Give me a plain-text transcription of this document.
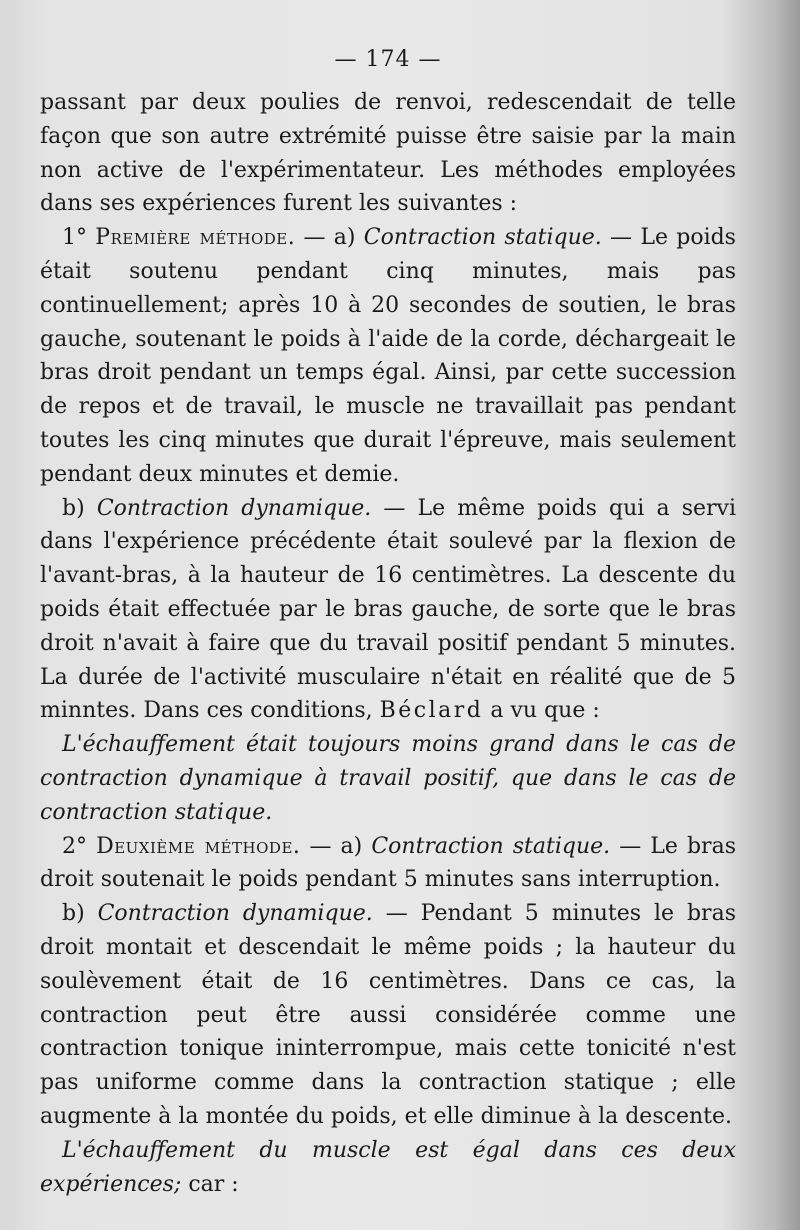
— 174 —

passant par deux poulies de renvoi, redescendait de telle façon que son autre extrémité puisse être saisie par la main non active de l'expérimentateur. Les méthodes employées dans ses expériences furent les suivantes :

1° Première méthode. — a) Contraction statique. — Le poids était soutenu pendant cinq minutes, mais pas continuellement; après 10 à 20 secondes de soutien, le bras gauche, soutenant le poids à l'aide de la corde, déchargeait le bras droit pendant un temps égal. Ainsi, par cette succession de repos et de travail, le muscle ne travaillait pas pendant toutes les cinq minutes que durait l'épreuve, mais seulement pendant deux minutes et demie.

b) Contraction dynamique. — Le même poids qui a servi dans l'expérience précédente était soulevé par la flexion de l'avant-bras, à la hauteur de 16 centimètres. La descente du poids était effectuée par le bras gauche, de sorte que le bras droit n'avait à faire que du travail positif pendant 5 minutes. La durée de l'activité musculaire n'était en réalité que de 5 minntes. Dans ces conditions, Béclard a vu que :

L'échauffement était toujours moins grand dans le cas de contraction dynamique à travail positif, que dans le cas de contraction statique.

2° Deuxième méthode. — a) Contraction statique. — Le bras droit soutenait le poids pendant 5 minutes sans interruption.

b) Contraction dynamique. — Pendant 5 minutes le bras droit montait et descendait le même poids ; la hauteur du soulèvement était de 16 centimètres. Dans ce cas, la contraction peut être aussi considérée comme une contraction tonique ininterrompue, mais cette tonicité n'est pas uniforme comme dans la contraction statique ; elle augmente à la montée du poids, et elle diminue à la descente.

L'échauffement du muscle est égal dans ces deux expériences; car :
